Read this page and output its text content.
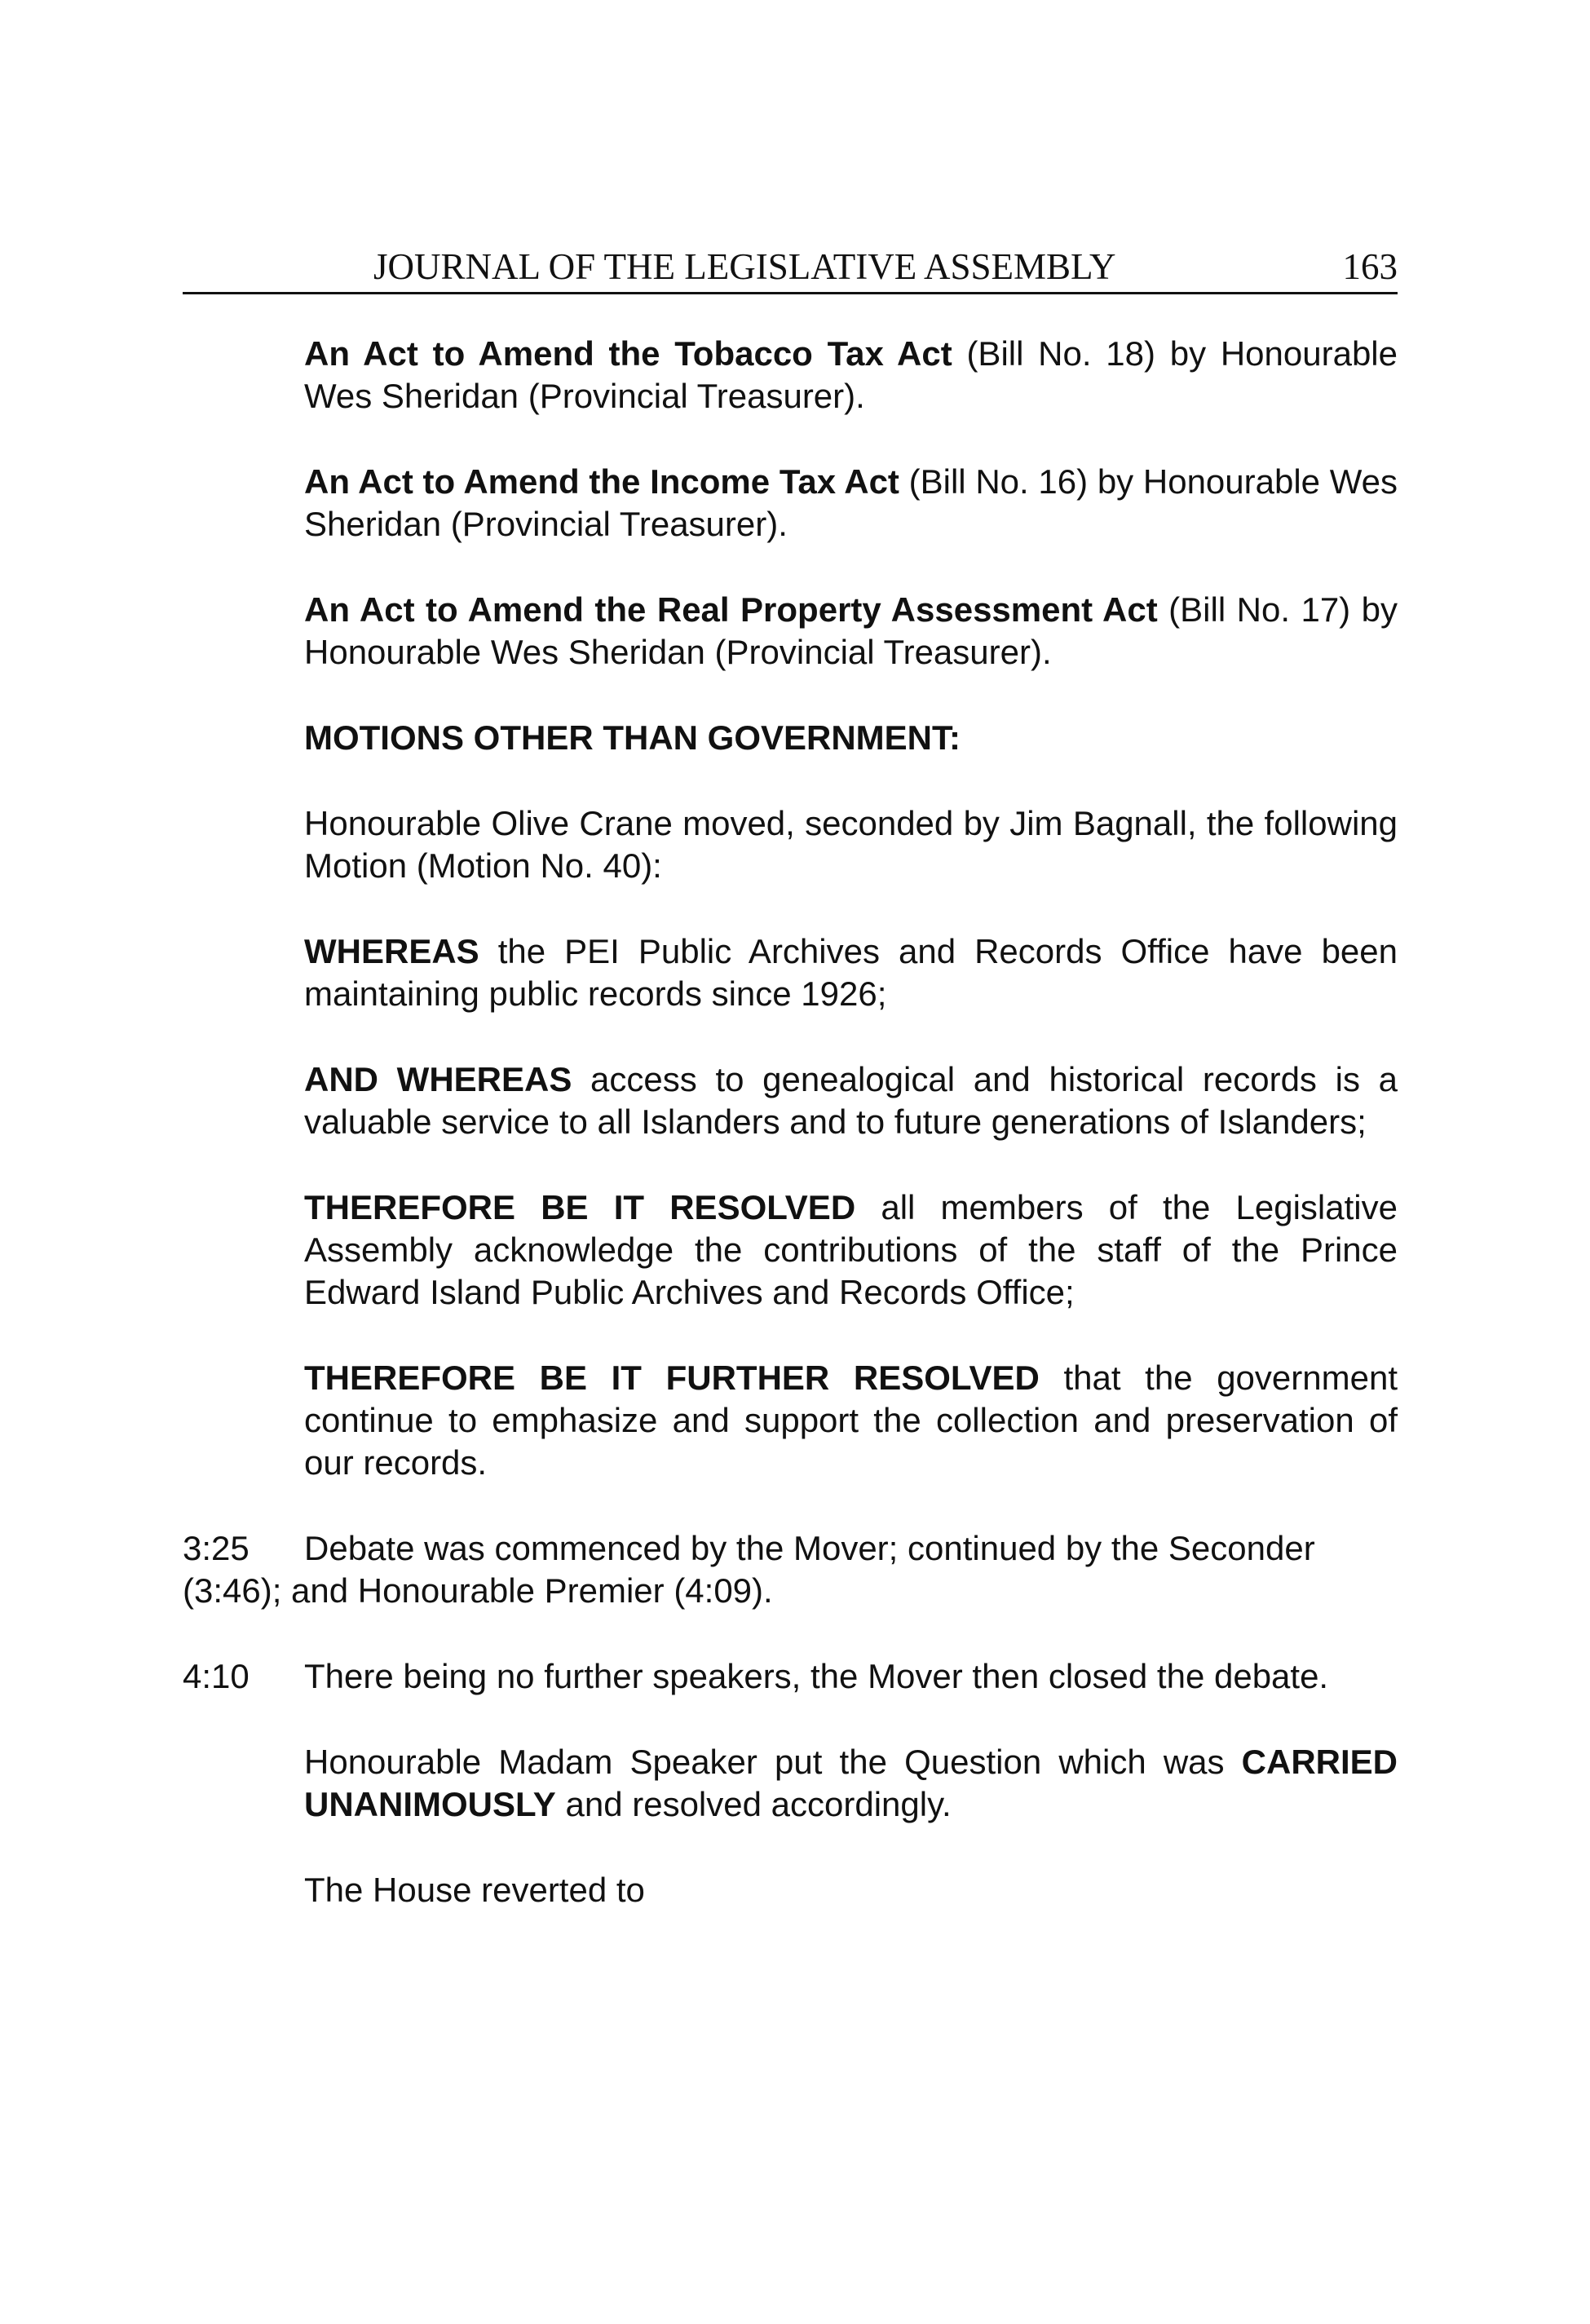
JOURNAL OF THE LEGISLATIVE ASSEMBLY	163

An Act to Amend the Tobacco Tax Act (Bill No. 18) by Honourable Wes Sheridan (Provincial Treasurer).

An Act to Amend the Income Tax Act (Bill No. 16) by Honourable Wes Sheridan (Provincial Treasurer).

An Act to Amend the Real Property Assessment Act (Bill No. 17) by Honourable Wes Sheridan (Provincial Treasurer).

MOTIONS OTHER THAN GOVERNMENT:

Honourable Olive Crane moved, seconded by Jim Bagnall, the following Motion (Motion No. 40):

WHEREAS the PEI Public Archives and Records Office have been maintaining public records since 1926;

AND WHEREAS access to genealogical and historical records is a valuable service to all Islanders and to future generations of Islanders;

THEREFORE BE IT RESOLVED all members of the Legislative Assembly acknowledge the contributions of the staff of the Prince Edward Island Public Archives and Records Office;

THEREFORE BE IT FURTHER RESOLVED that the government continue to emphasize and support the collection and preservation of our records.

3:25 Debate was commenced by the Mover; continued by the Seconder
(3:46); and Honourable Premier (4:09).
4:10 There being no further speakers, the Mover then closed the debate.

Honourable Madam Speaker put the Question which was CARRIED UNANIMOUSLY and resolved accordingly.

The House reverted to
